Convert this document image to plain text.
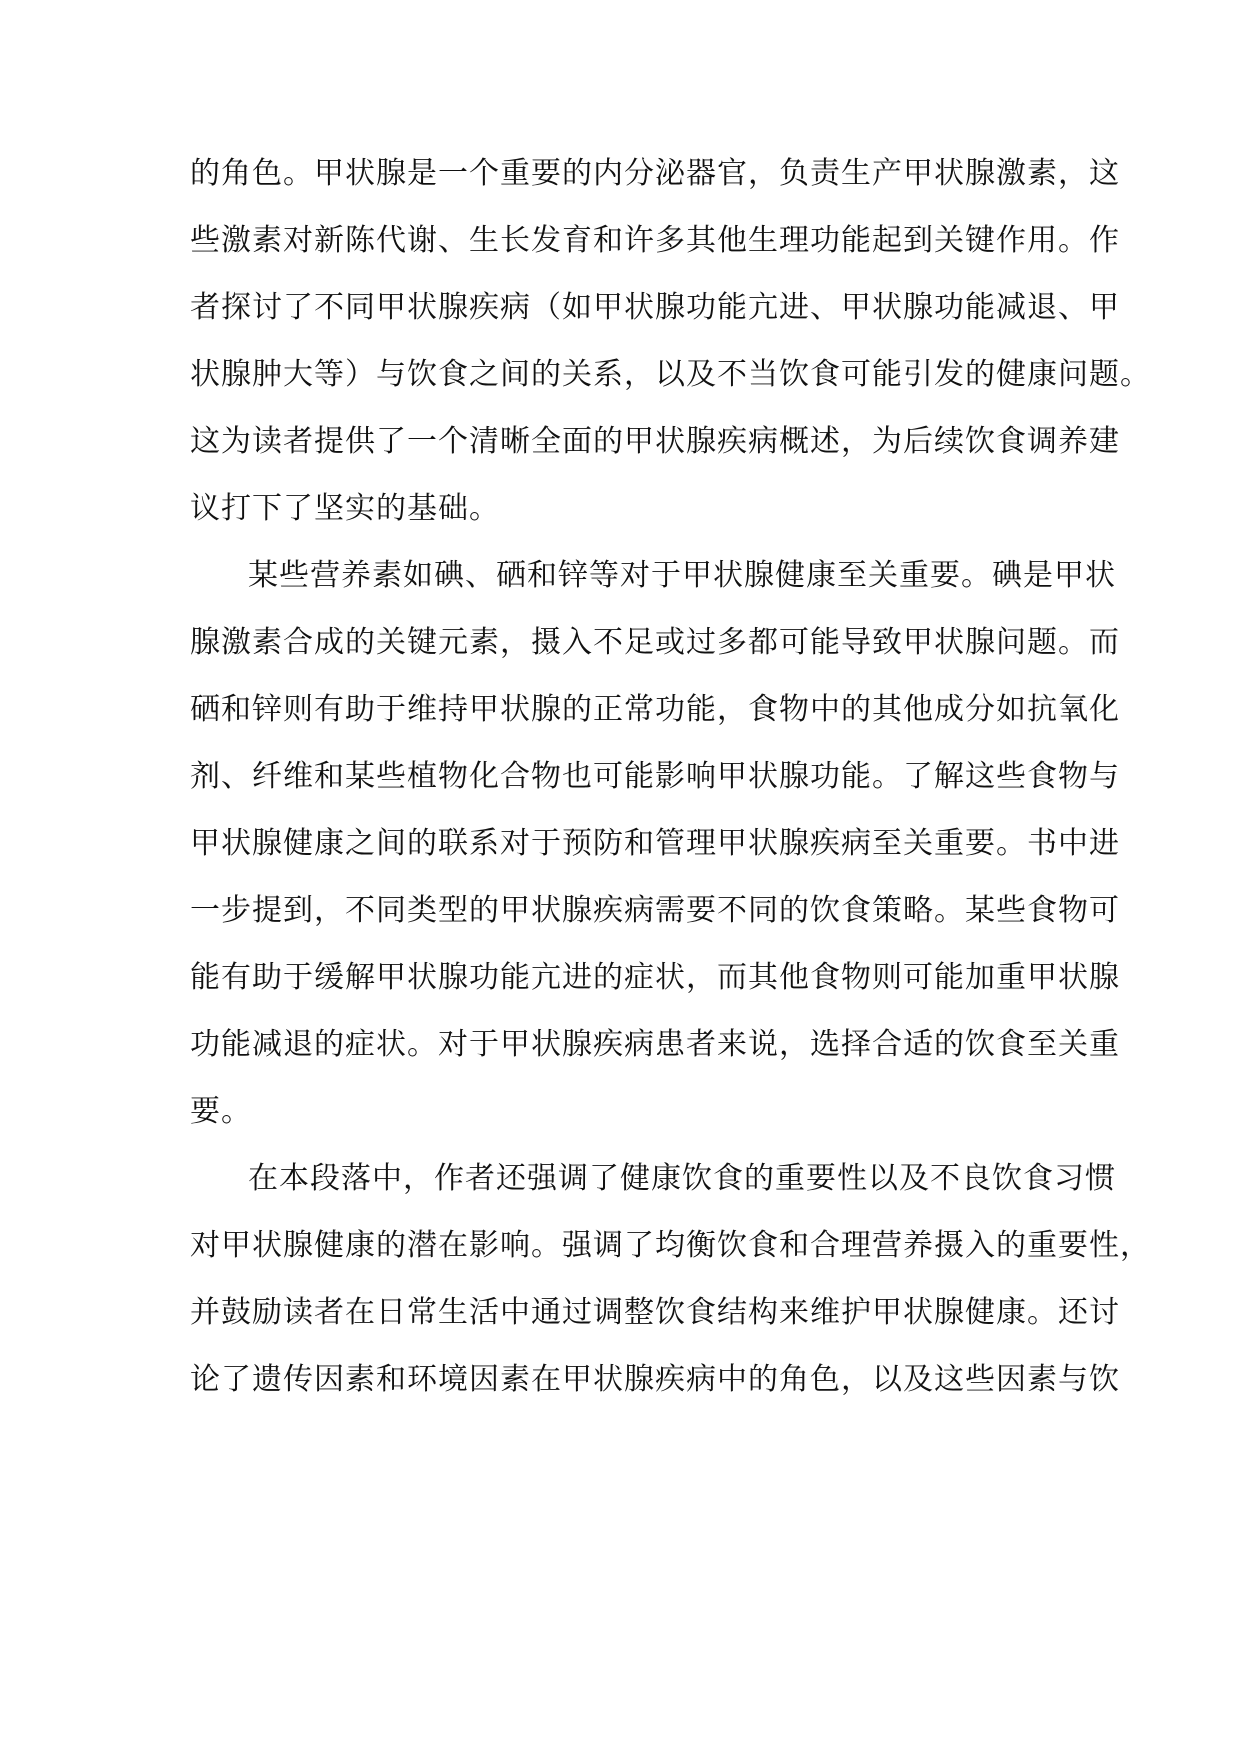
的角色。甲状腺是一个重要的内分泌器官，负责生产甲状腺激素，这
些激素对新陈代谢、生长发育和许多其他生理功能起到关键作用。作
者探讨了不同甲状腺疾病（如甲状腺功能亢进、甲状腺功能减退、甲
状腺肿大等）与饮食之间的关系，以及不当饮食可能引发的健康问题。
这为读者提供了一个清晰全面的甲状腺疾病概述，为后续饮食调养建
议打下了坚实的基础。
某些营养素如碘、硒和锌等对于甲状腺健康至关重要。碘是甲状
腺激素合成的关键元素，摄入不足或过多都可能导致甲状腺问题。而
硒和锌则有助于维持甲状腺的正常功能，食物中的其他成分如抗氧化
剂、纤维和某些植物化合物也可能影响甲状腺功能。了解这些食物与
甲状腺健康之间的联系对于预防和管理甲状腺疾病至关重要。书中进
一步提到，不同类型的甲状腺疾病需要不同的饮食策略。某些食物可
能有助于缓解甲状腺功能亢进的症状，而其他食物则可能加重甲状腺
功能减退的症状。对于甲状腺疾病患者来说，选择合适的饮食至关重
要。
在本段落中，作者还强调了健康饮食的重要性以及不良饮食习惯
对甲状腺健康的潜在影响。强调了均衡饮食和合理营养摄入的重要性，
并鼓励读者在日常生活中通过调整饮食结构来维护甲状腺健康。还讨
论了遗传因素和环境因素在甲状腺疾病中的角色，以及这些因素与饮
